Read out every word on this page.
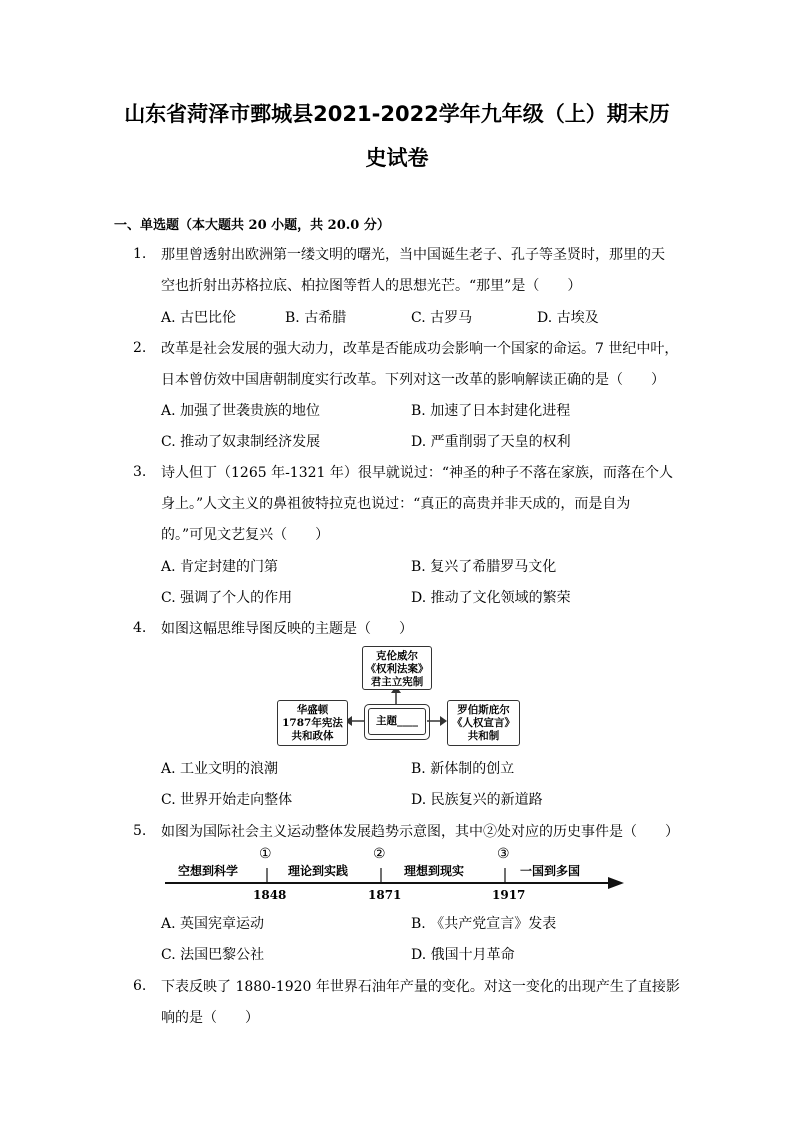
山东省菏泽市鄄城县2021-2022学年九年级（上）期末历
史试卷
一、单选题（本大题共 20 小题，共 20.0 分）
1. 那里曾透射出欧洲第一缕文明的曙光，当中国诞生老子、孔子等圣贤时，那里的天
空也折射出苏格拉底、柏拉图等哲人的思想光芒。“那里”是（　　）
A. 古巴比伦	B. 古希腊	C. 古罗马	D. 古埃及
2. 改革是社会发展的强大动力，改革是否能成功会影响一个国家的命运。7 世纪中叶，
日本曾仿效中国唐朝制度实行改革。下列对这一改革的影响解读正确的是（　　）
A. 加强了世袭贵族的地位	B. 加速了日本封建化进程
C. 推动了奴隶制经济发展	D. 严重削弱了天皇的权利
3. 诗人但丁（1265 年-1321 年）很早就说过：“神圣的种子不落在家族，而落在个人
身上。”人文主义的鼻祖彼特拉克也说过：“真正的高贵并非天成的，而是自为
的。”可见文艺复兴（　　）
A. 肯定封建的门第	B. 复兴了希腊罗马文化
C. 强调了个人的作用	D. 推动了文化领域的繁荣
4. 如图这幅思维导图反映的主题是（　　）
克伦威尔
《权利法案》
君主立宪制
华盛顿
1787年宪法
共和政体
主题____
罗伯斯庇尔
《人权宣言》
共和制
A. 工业文明的浪潮	B. 新体制的创立
C. 世界开始走向整体	D. 民族复兴的新道路
5. 如图为国际社会主义运动整体发展趋势示意图，其中②处对应的历史事件是（　　）
空想到科学	理论到实践	理想到现实	一国到多国
①	②	③
1848	1871	1917
A. 英国宪章运动	B. 《共产党宣言》发表
C. 法国巴黎公社	D. 俄国十月革命
6. 下表反映了 1880-1920 年世界石油年产量的变化。对这一变化的出现产生了直接影
响的是（　　）
